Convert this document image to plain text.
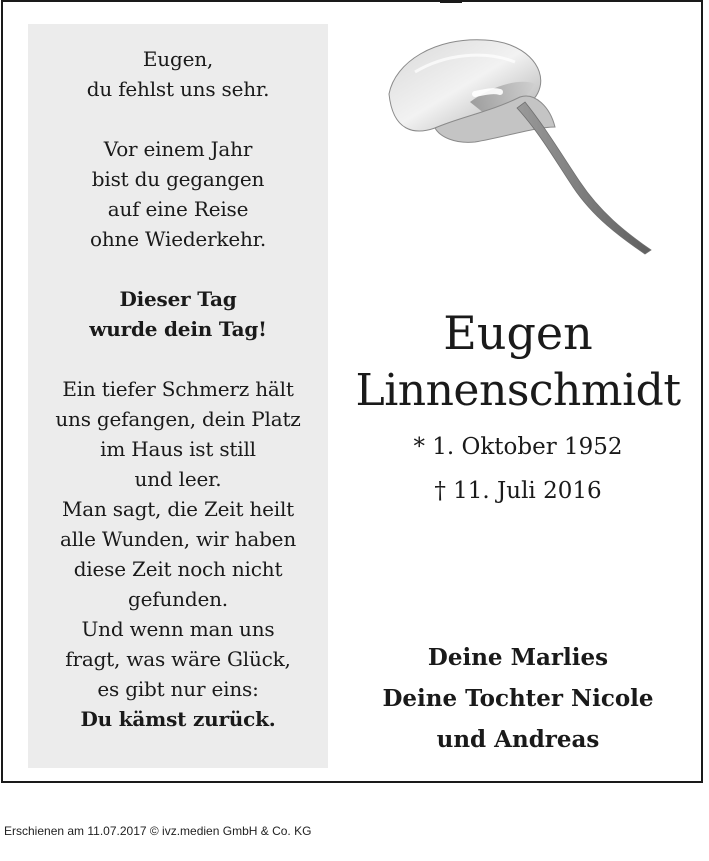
Eugen,
du fehlst uns sehr.
Vor einem Jahr
bist du gegangen
auf eine Reise
ohne Wiederkehr.
Dieser Tag
wurde dein Tag!
Ein tiefer Schmerz hält
uns gefangen, dein Platz
im Haus ist still
und leer.
Man sagt, die Zeit heilt
alle Wunden, wir haben
diese Zeit noch nicht
gefunden.
Und wenn man uns
fragt, was wäre Glück,
es gibt nur eins:
Du kämst zurück.
Eugen
Linnenschmidt
* 1. Oktober 1952
† 11. Juli 2016
Deine Marlies
Deine Tochter Nicole
und Andreas
Erschienen am 11.07.2017 © ivz.medien GmbH & Co. KG
